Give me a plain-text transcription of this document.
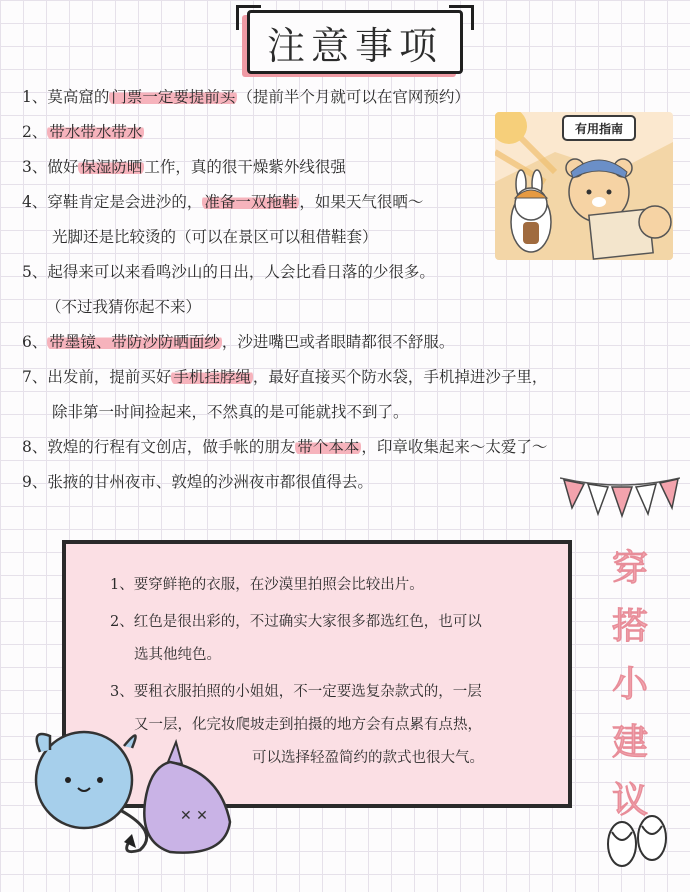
注意事项
1、莫高窟的 门票一定要提前买 （提前半个月就可以在官网预约）
2、 带水带水带水
3、做好 保湿防晒 工作，真的很干燥紫外线很强
4、穿鞋肯定是会进沙的， 准备一双拖鞋 ，如果天气很晒～
光脚还是比较烫的（可以在景区可以租借鞋套）
5、起得来可以来看鸣沙山的日出，人会比看日落的少很多。
（不过我猜你起不来）
6、 带墨镜、带防沙防晒面纱 ，沙进嘴巴或者眼睛都很不舒服。
7、出发前，提前买好 手机挂脖绳 ，最好直接买个防水袋，手机掉进沙子里，
除非第一时间捡起来，不然真的是可能就找不到了。
8、敦煌的行程有文创店，做手帐的朋友 带个本本 ，印章收集起来～太爱了～
9、张掖的甘州夜市、敦煌的沙洲夜市都很值得去。
有用指南
1、要穿鲜艳的衣服，在沙漠里拍照会比较出片。
2、红色是很出彩的，不过确实大家很多都选红色，也可以
选其他纯色。
3、要租衣服拍照的小姐姐，不一定要选复杂款式的，一层
又一层，化完妆爬坡走到拍摄的地方会有点累有点热，
可以选择轻盈简约的款式也很大气。
穿
搭
小
建
议
✕ ✕
